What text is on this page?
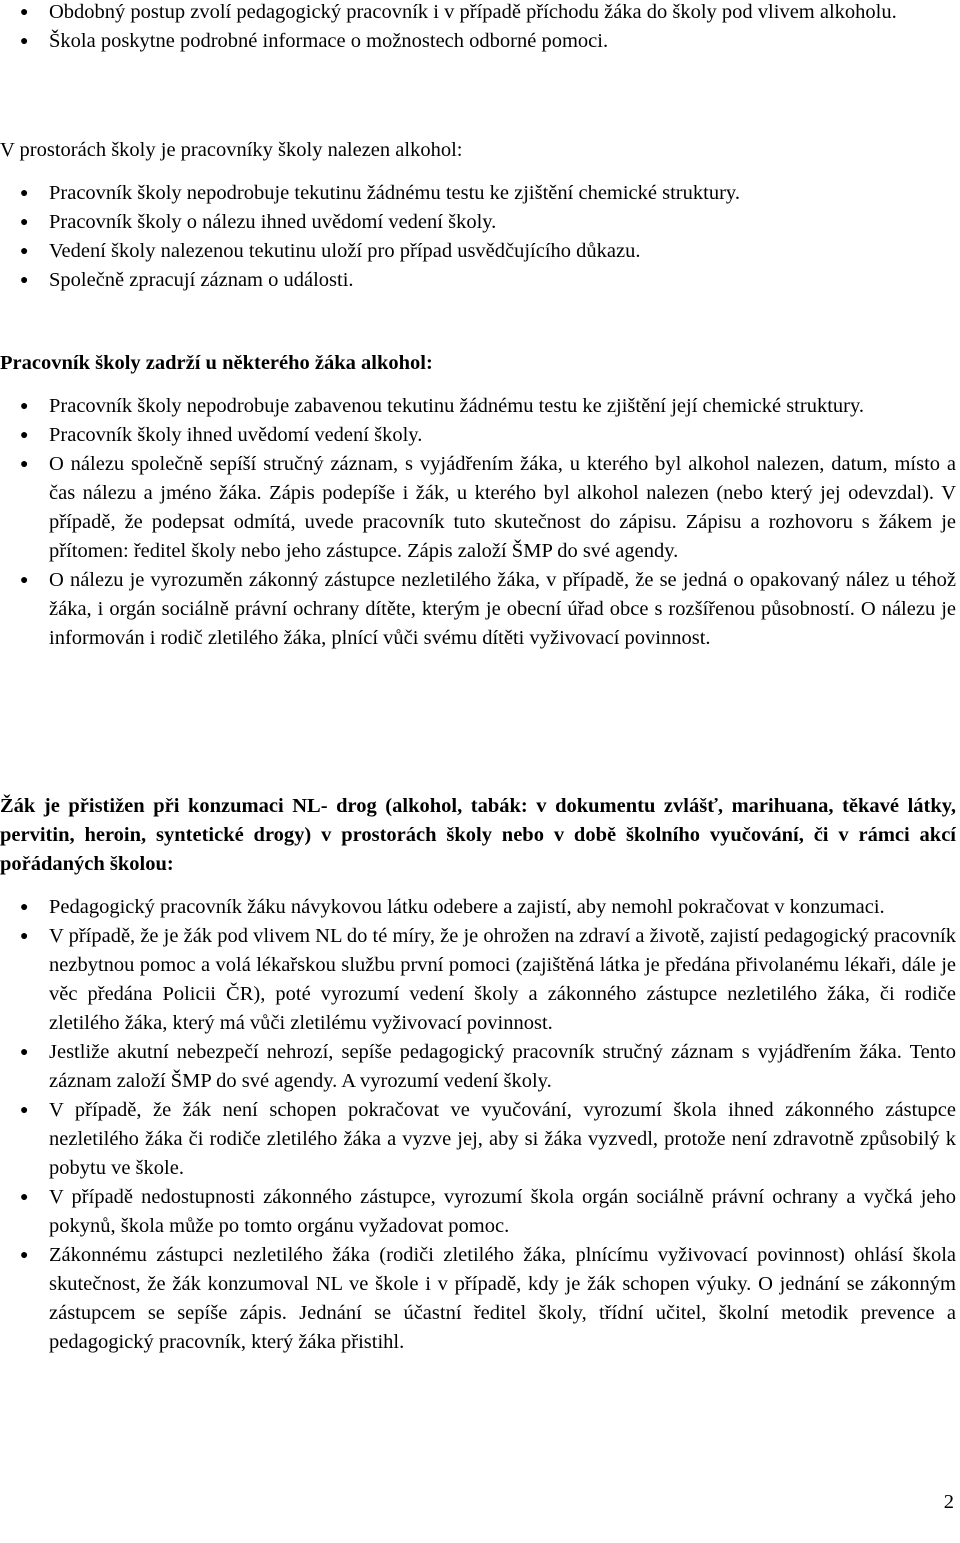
● Obdobný postup zvolí pedagogický pracovník i v případě příchodu žáka do školy pod vlivem alkoholu.
● Škola poskytne podrobné informace o možnostech odborné pomoci.

V prostorách školy je pracovníky školy nalezen alkohol:

● Pracovník školy nepodrobuje tekutinu žádnému testu ke zjištění chemické struktury.
● Pracovník školy o nálezu ihned uvědomí vedení školy.
● Vedení školy nalezenou tekutinu uloží pro případ usvědčujícího důkazu.
● Společně zpracují záznam o události.

Pracovník školy zadrží u některého žáka alkohol:

● Pracovník školy nepodrobuje zabavenou tekutinu žádnému testu ke zjištění její chemické struktury.
● Pracovník školy ihned uvědomí vedení školy.
● O nálezu společně sepíší stručný záznam, s vyjádřením žáka, u kterého byl alkohol nalezen, datum, místo a čas nálezu a jméno žáka. Zápis podepíše i žák, u kterého byl alkohol nalezen (nebo který jej odevzdal). V případě, že podepsat odmítá, uvede pracovník tuto skutečnost do zápisu. Zápisu a rozhovoru s žákem je přítomen: ředitel školy nebo jeho zástupce. Zápis založí ŠMP do své agendy.
● O nálezu je vyrozuměn zákonný zástupce nezletilého žáka, v případě, že se jedná o opakovaný nález u téhož žáka, i orgán sociálně právní ochrany dítěte, kterým je obecní úřad obce s rozšířenou působností. O nálezu je informován i rodič zletilého žáka, plnící vůči svému dítěti vyživovací povinnost.

Žák je přistižen při konzumaci NL- drog (alkohol, tabák: v dokumentu zvlášť, marihuana, těkavé látky, pervitin, heroin, syntetické drogy) v prostorách školy nebo v době školního vyučování, či v rámci akcí pořádaných školou:

● Pedagogický pracovník žáku návykovou látku odebere a zajistí, aby nemohl pokračovat v konzumaci.
● V případě, že je žák pod vlivem NL do té míry, že je ohrožen na zdraví a životě, zajistí pedagogický pracovník nezbytnou pomoc a volá lékařskou službu první pomoci (zajištěná látka je předána přivolanému lékaři, dále je věc předána Policii ČR), poté vyrozumí vedení školy a zákonného zástupce nezletilého žáka, či rodiče zletilého žáka, který má vůči zletilému vyživovací povinnost.
● Jestliže akutní nebezpečí nehrozí, sepíše pedagogický pracovník stručný záznam s vyjádřením žáka. Tento záznam založí ŠMP do své agendy. A vyrozumí vedení školy.
● V případě, že žák není schopen pokračovat ve vyučování, vyrozumí škola ihned zákonného zástupce nezletilého žáka či rodiče zletilého žáka a vyzve jej, aby si žáka vyzvedl, protože není zdravotně způsobilý k pobytu ve škole.
● V případě nedostupnosti zákonného zástupce, vyrozumí škola orgán sociálně právní ochrany a vyčká jeho pokynů, škola může po tomto orgánu vyžadovat pomoc.
● Zákonnému zástupci nezletilého žáka (rodiči zletilého žáka, plnícímu vyživovací povinnost) ohlásí škola skutečnost, že žák konzumoval NL ve škole i v případě, kdy je žák schopen výuky. O jednání se zákonným zástupcem se sepíše zápis. Jednání se účastní ředitel školy, třídní učitel, školní metodik prevence a pedagogický pracovník, který žáka přistihl.
2
